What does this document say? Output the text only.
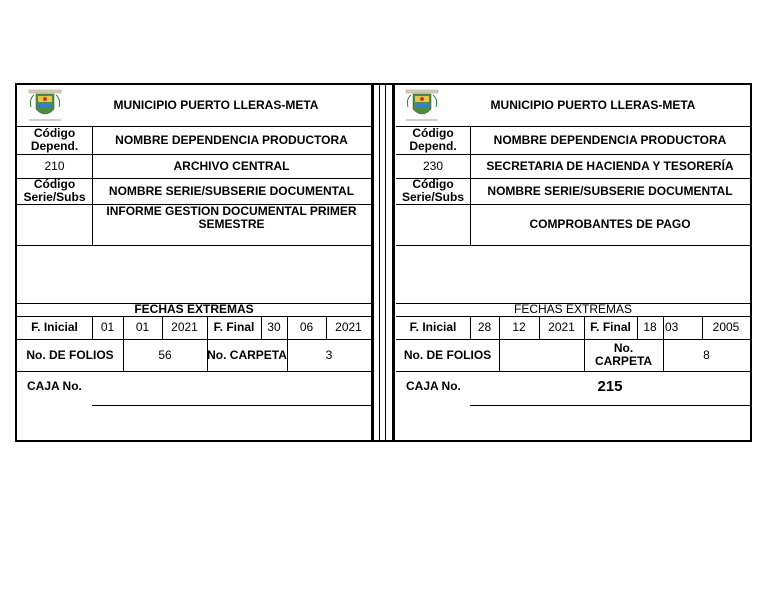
MUNICIPIO PUERTO LLERAS-META
Código Depend.	NOMBRE DEPENDENCIA PRODUCTORA
210	ARCHIVO CENTRAL
Código Serie/Subs	NOMBRE SERIE/SUBSERIE DOCUMENTAL
INFORME GESTION DOCUMENTAL PRIMER SEMESTRE
FECHAS EXTREMAS
F. Inicial	01	01	2021	F. Final	30	06	2021
No. DE FOLIOS	56	No. CARPETA	3
CAJA No.
MUNICIPIO PUERTO LLERAS-META
Código Depend.	NOMBRE DEPENDENCIA PRODUCTORA
230	SECRETARIA DE HACIENDA Y TESORERÍA
Código Serie/Subs	NOMBRE SERIE/SUBSERIE DOCUMENTAL
COMPROBANTES DE PAGO
FECHAS EXTREMAS
F. Inicial	28	12	2021	F. Final	18 03	2005
No. DE FOLIOS	No. CARPETA	8
CAJA No.	215
